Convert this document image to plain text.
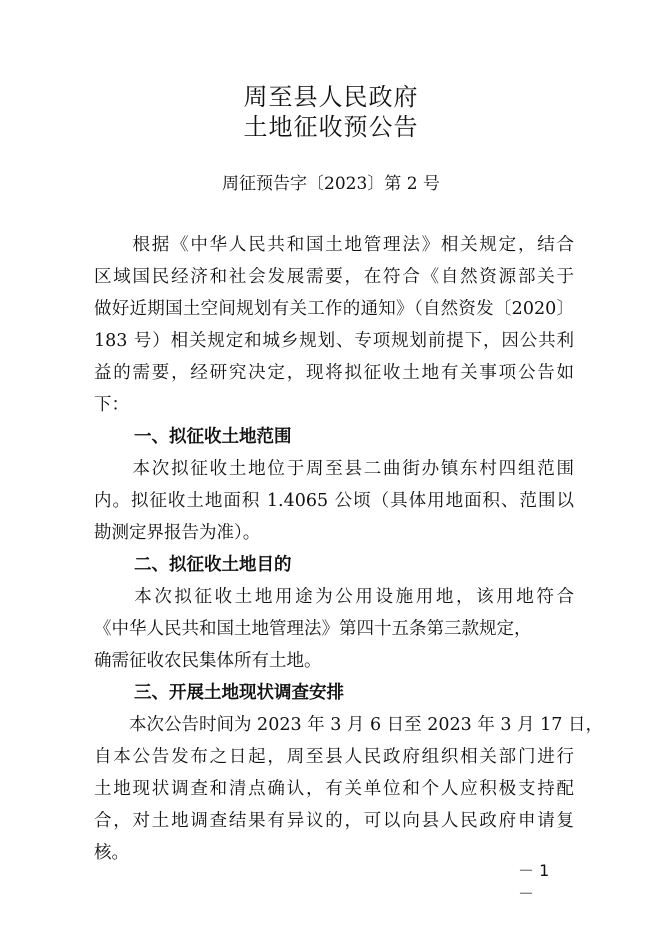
周至县人民政府
土地征收预公告
周征预告字〔2023〕第 2 号
　　根据《中华人民共和国土地管理法》相关规定，结合
区域国民经济和社会发展需要，在符合《自然资源部关于
做好近期国土空间规划有关工作的通知》（自然资发〔2020〕
183 号）相关规定和城乡规划、专项规划前提下，因公共利
益的需要，经研究决定，现将拟征收土地有关事项公告如
下：
一、拟征收土地范围
　　本次拟征收土地位于周至县二曲街办镇东村四组范围
内。拟征收土地面积 1.4065 公顷（具体用地面积、范围以
勘测定界报告为准）。
二、拟征收土地目的
　　本次拟征收土地用途为公用设施用地，该用地符合
《中华人民共和国土地管理法》第四十五条第三款规定，
确需征收农民集体所有土地。
三、开展土地现状调查安排
　　本次公告时间为 2023 年 3 月 6 日至 2023 年 3 月 17 日，
自本公告发布之日起，周至县人民政府组织相关部门进行
土地现状调查和清点确认，有关单位和个人应积极支持配
合，对土地调查结果有异议的，可以向县人民政府申请复
核。
－ 1
－
